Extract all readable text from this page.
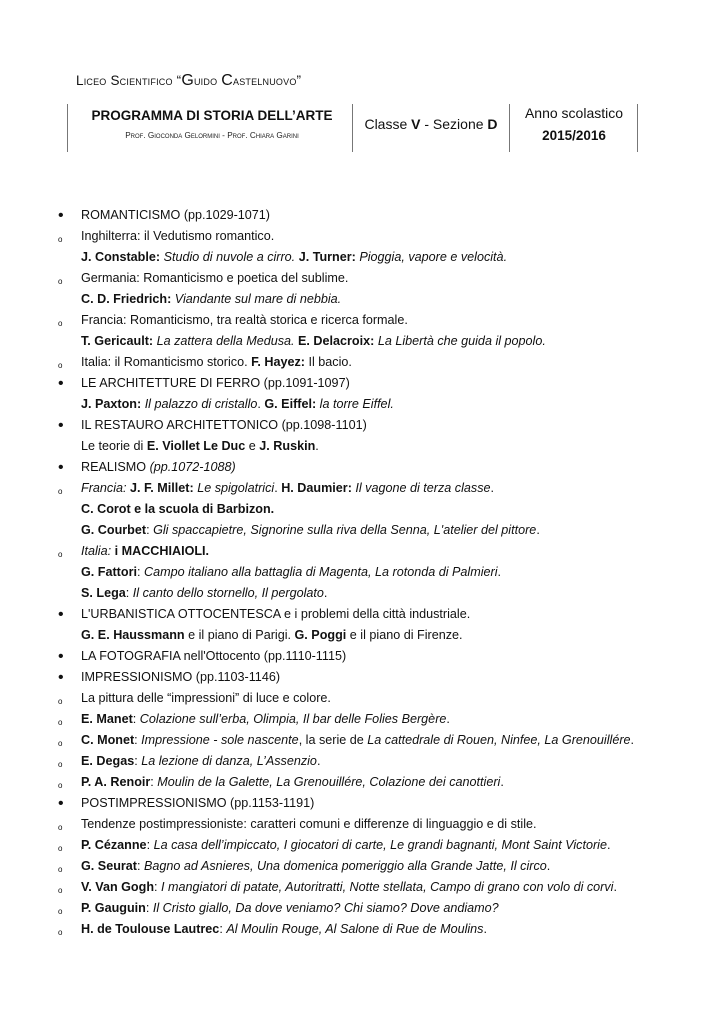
Liceo Scientifico “Guido Castelnuovo”
PROGRAMMA DI STORIA DELL’ARTE
Prof. Gioconda Gelormini - Prof. Chiara Garini
Classe V - Sezione D
Anno scolastico
2015/2016
•	ROMANTICISMO (pp.1029-1071)
o	Inghilterra: il Vedutismo romantico.
J. Constable: Studio di nuvole a cirro. J. Turner: Pioggia, vapore e velocità.
o	Germania: Romanticismo e poetica del sublime.
C. D. Friedrich: Viandante sul mare di nebbia.
o	Francia: Romanticismo, tra realtà storica e ricerca formale.
T. Gericault: La zattera della Medusa. E. Delacroix: La Libertà che guida il popolo.
o	Italia: il Romanticismo storico. F. Hayez: Il bacio.
•	LE ARCHITETTURE DI FERRO (pp.1091-1097)
J. Paxton: Il palazzo di cristallo. G. Eiffel: la torre Eiffel.
•	IL RESTAURO ARCHITETTONICO (pp.1098-1101)
Le teorie di E. Viollet Le Duc e J. Ruskin.
•	REALISMO (pp.1072-1088)
o	Francia: J. F. Millet: Le spigolatrici. H. Daumier: Il vagone di terza classe.
C. Corot e la scuola di Barbizon.
G. Courbet: Gli spaccapietre, Signorine sulla riva della Senna, L'atelier del pittore.
o	Italia: i MACCHIAIOLI.
G. Fattori: Campo italiano alla battaglia di Magenta, La rotonda di Palmieri.
S. Lega: Il canto dello stornello, Il pergolato.
•	L'URBANISTICA OTTOCENTESCA e i problemi della città industriale.
G. E. Haussmann e il piano di Parigi. G. Poggi e il piano di Firenze.
•	LA FOTOGRAFIA nell'Ottocento (pp.1110-1115)
•	IMPRESSIONISMO (pp.1103-1146)
o	La pittura delle “impressioni” di luce e colore.
o	E. Manet: Colazione sull’erba, Olimpia, Il bar delle Folies Bergère.
o	C. Monet: Impressione - sole nascente, la serie de La cattedrale di Rouen, Ninfee, La Grenouillére.
o	E. Degas: La lezione di danza, L’Assenzio.
o	P. A. Renoir: Moulin de la Galette, La Grenouillére, Colazione dei canottieri.
•	POSTIMPRESSIONISMO (pp.1153-1191)
o	Tendenze postimpressioniste: caratteri comuni e differenze di linguaggio e di stile.
o	P. Cézanne: La casa dell’impiccato, I giocatori di carte, Le grandi bagnanti, Mont Saint Victorie.
o	G. Seurat: Bagno ad Asnieres, Una domenica pomeriggio alla Grande Jatte, Il circo.
o	V. Van Gogh: I mangiatori di patate, Autoritratti, Notte stellata, Campo di grano con volo di corvi.
o	P. Gauguin: Il Cristo giallo, Da dove veniamo? Chi siamo? Dove andiamo?
o	H. de Toulouse Lautrec: Al Moulin Rouge, Al Salone di Rue de Moulins.
